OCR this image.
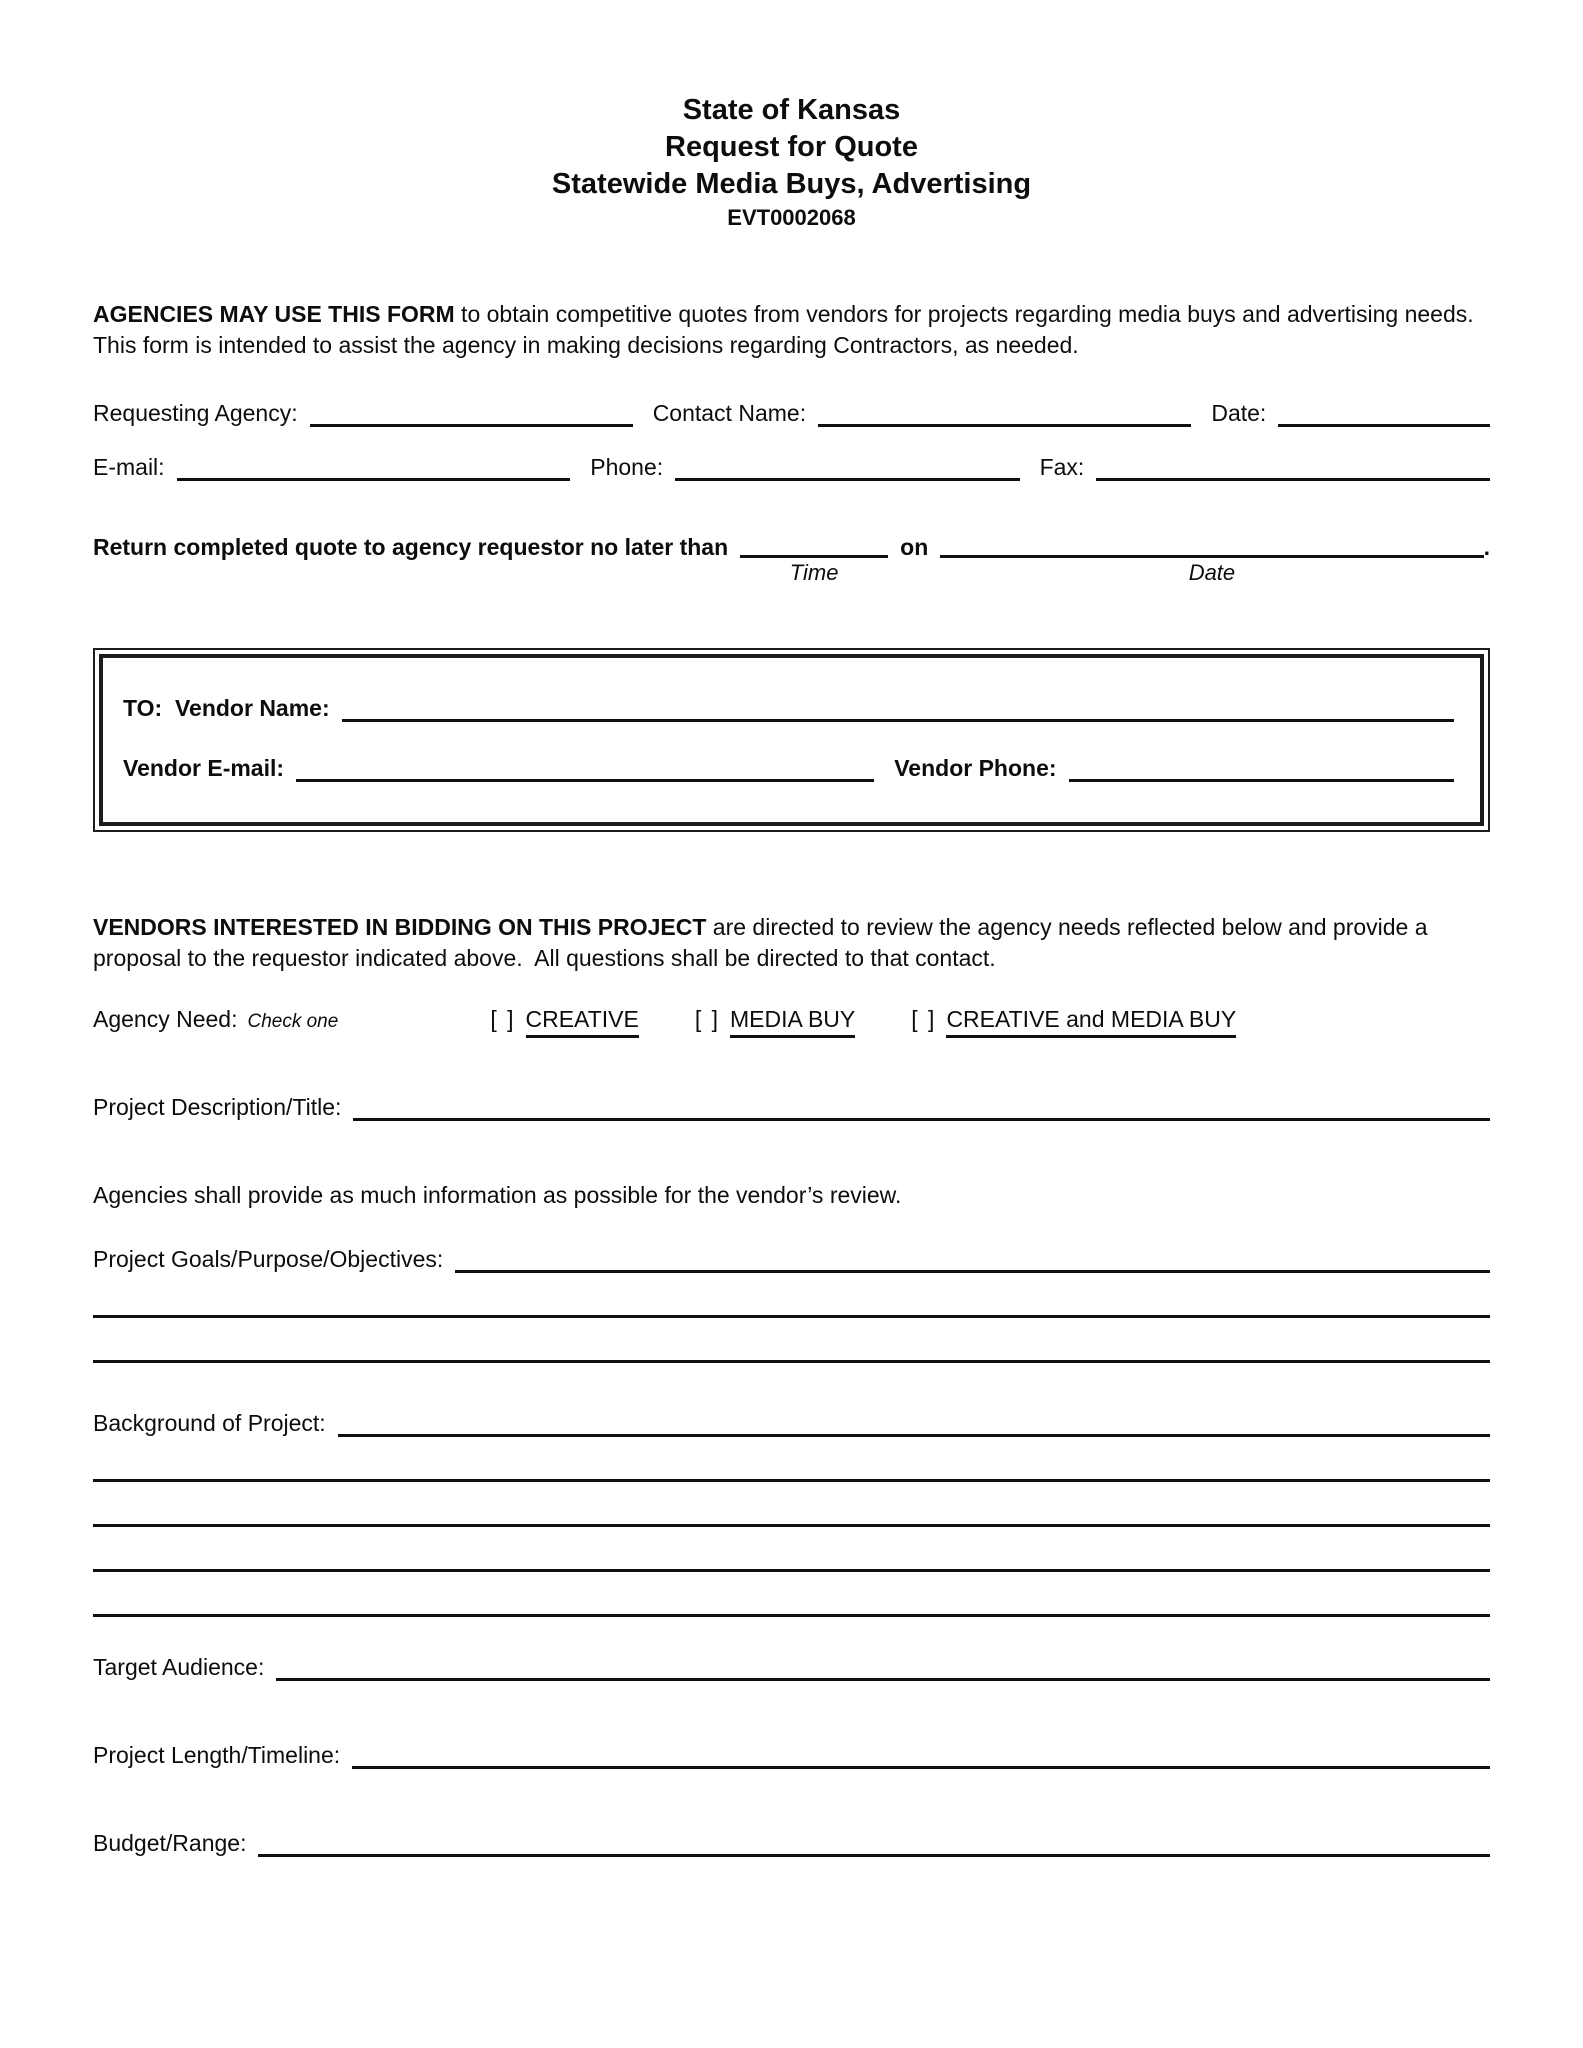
State of Kansas
Request for Quote
Statewide Media Buys, Advertising
EVT0002068

AGENCIES MAY USE THIS FORM to obtain competitive quotes from vendors for projects regarding media buys and advertising needs.  This form is intended to assist the agency in making decisions regarding Contractors, as needed.

Requesting Agency:	Contact Name:	Date:
E-mail:	Phone:	Fax:
Return completed quote to agency requestor no later than
Time
on
Date
.
TO:  Vendor Name:
Vendor E-mail:	Vendor Phone:

VENDORS INTERESTED IN BIDDING ON THIS PROJECT are directed to review the agency needs reflected below and provide a proposal to the requestor indicated above.  All questions shall be directed to that contact.

Agency Need: Check one	[ ] CREATIVE [ ] MEDIA BUY [ ] CREATIVE and MEDIA BUY
Project Description/Title:

Agencies shall provide as much information as possible for the vendor’s review.

Project Goals/Purpose/Objectives:
Background of Project:
Target Audience:
Project Length/Timeline:
Budget/Range:
